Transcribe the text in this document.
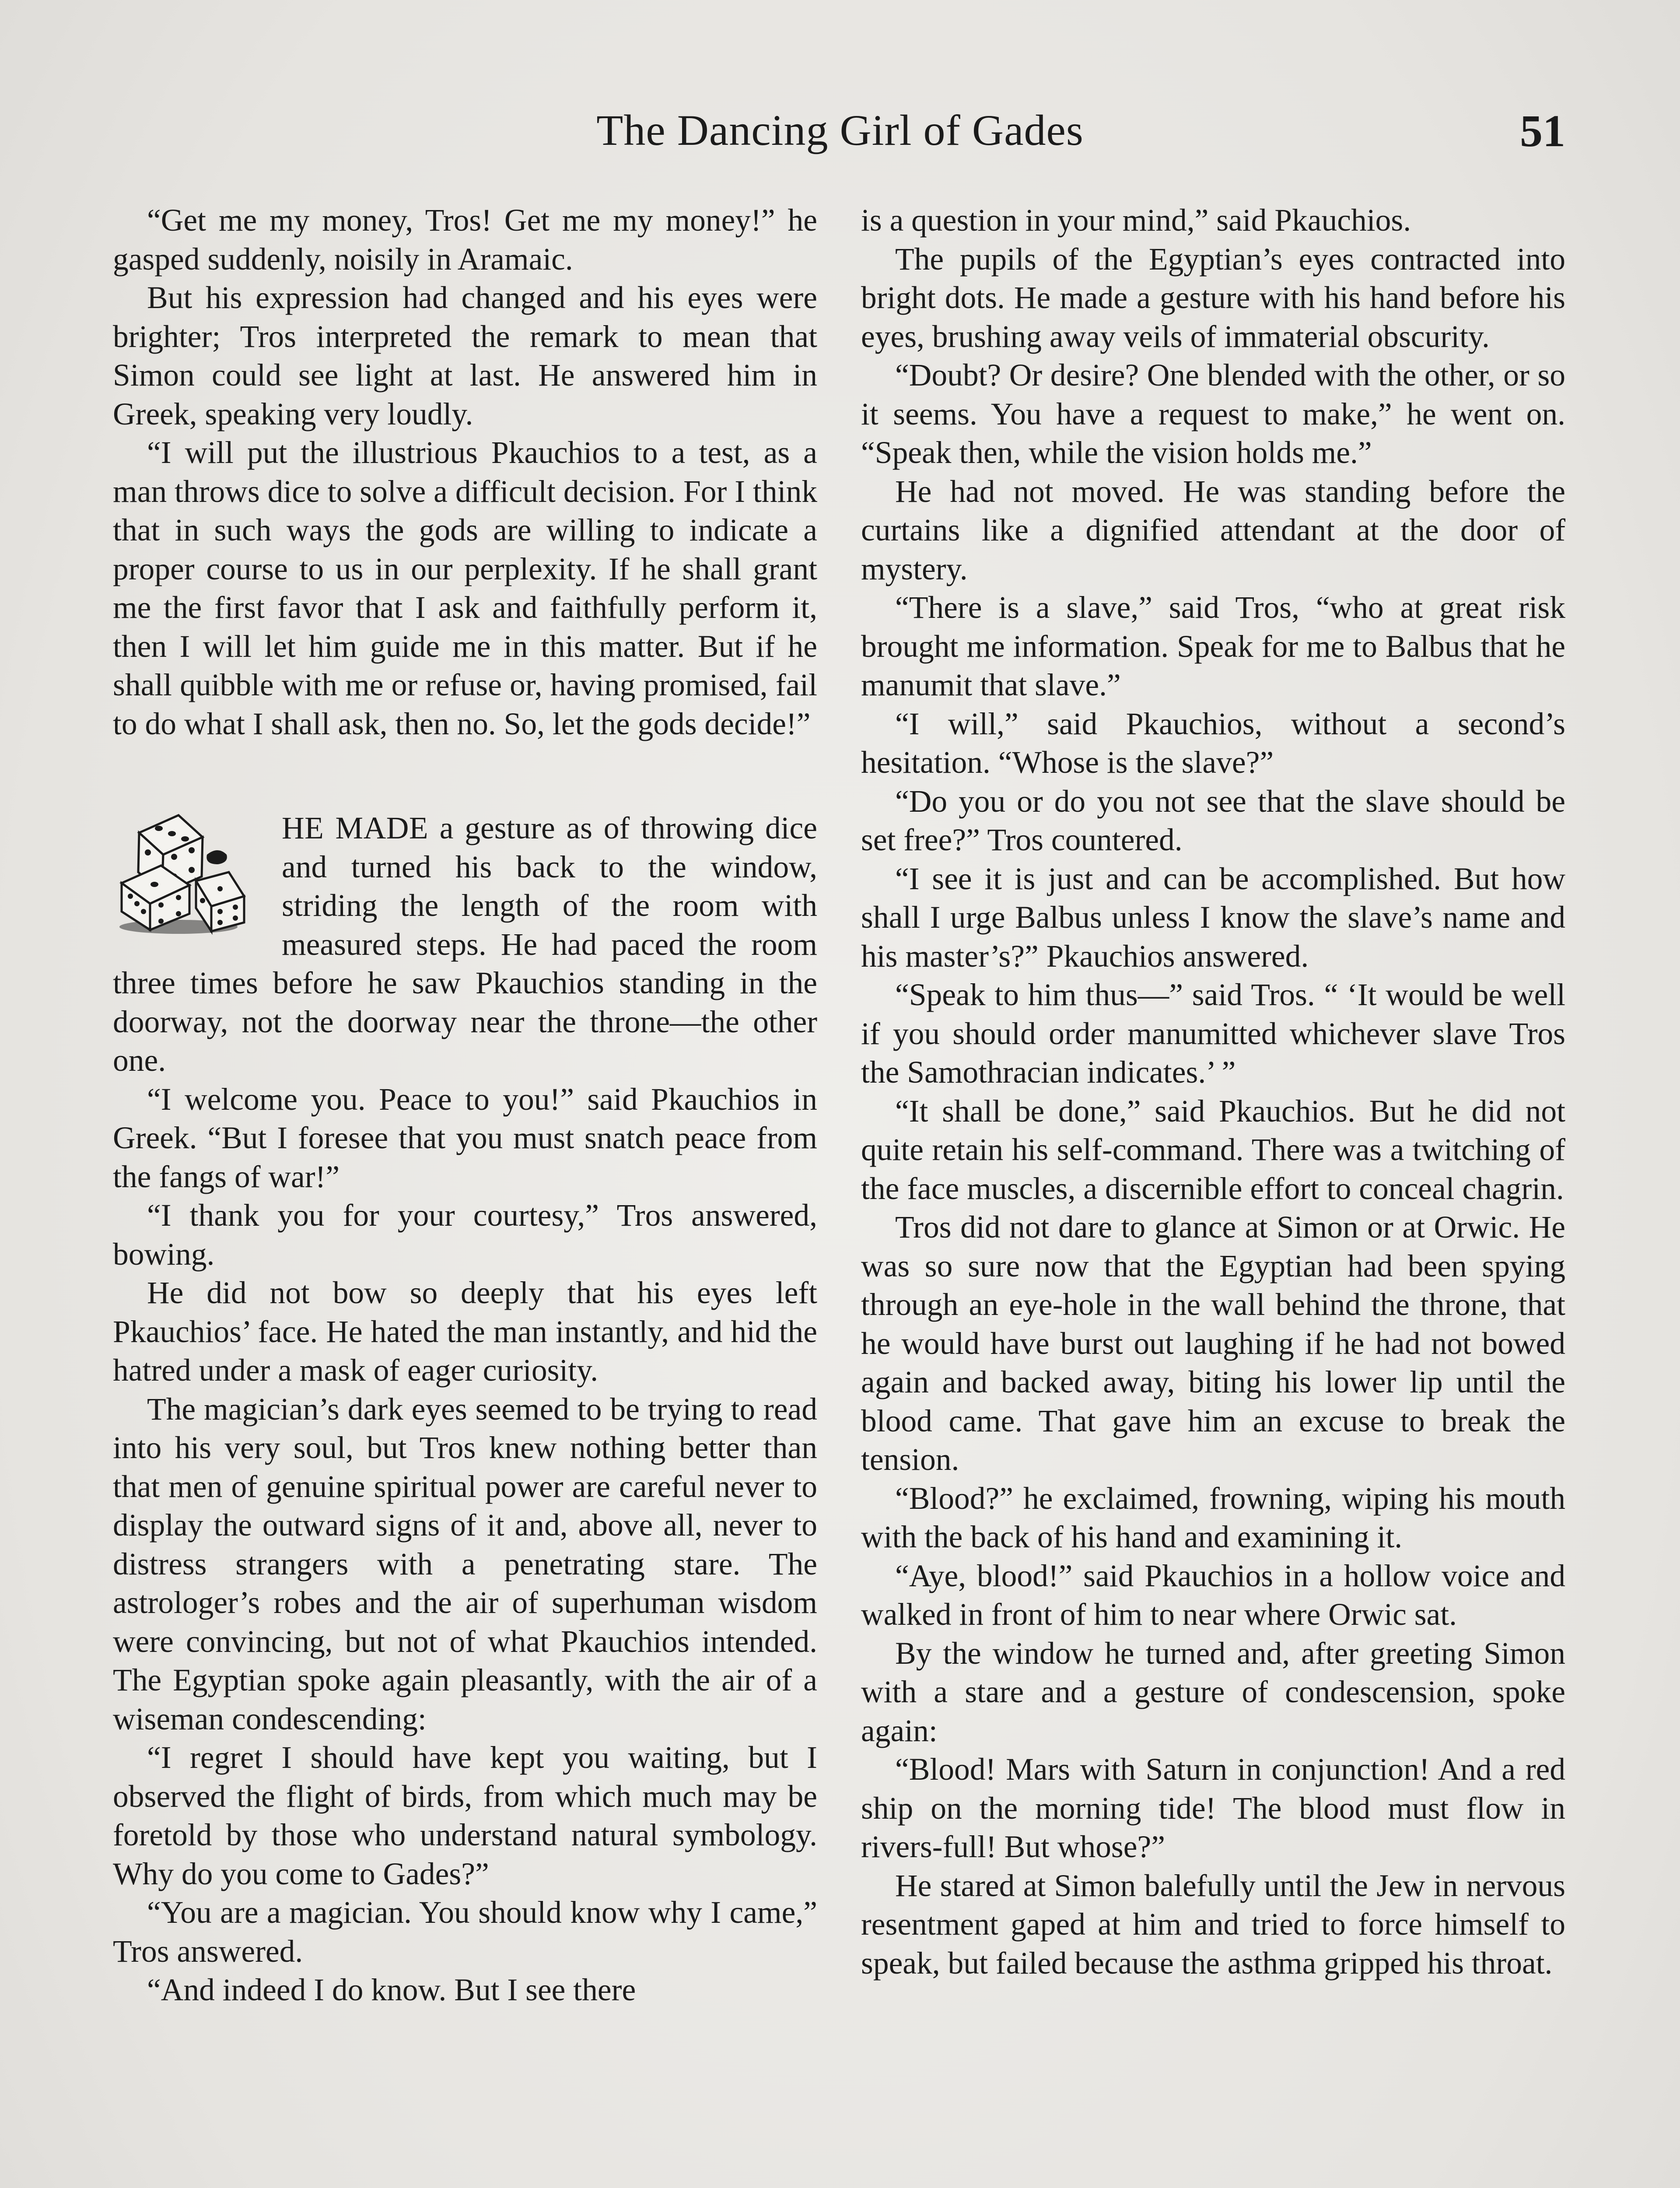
The Dancing Girl of Gades	51

“Get me my money, Tros! Get me my money!” he gasped suddenly, noisily in Aramaic.

But his expression had changed and his eyes were brighter; Tros interpreted the remark to mean that Simon could see light at last. He answered him in Greek, speaking very loudly.

“I will put the illustrious Pkauchios to a test, as a man throws dice to solve a difficult decision. For I think that in such ways the gods are willing to indicate a proper course to us in our perplexity. If he shall grant me the first favor that I ask and faithfully perform it, then I will let him guide me in this matter. But if he shall quibble with me or refuse or, having promised, fail to do what I shall ask, then no. So, let the gods decide!”

HE MADE a gesture as of throwing dice and turned his back to the window, striding the length of the room with measured steps. He had paced the room three times before he saw Pkauchios standing in the doorway, not the doorway near the throne—the other one.

“I welcome you. Peace to you!” said Pkauchios in Greek. “But I foresee that you must snatch peace from the fangs of war!”

“I thank you for your courtesy,” Tros answered, bowing.

He did not bow so deeply that his eyes left Pkauchios’ face. He hated the man instantly, and hid the hatred under a mask of eager curiosity.

The magician’s dark eyes seemed to be trying to read into his very soul, but Tros knew nothing better than that men of genuine spiritual power are careful never to display the outward signs of it and, above all, never to distress strangers with a penetrating stare. The astrologer’s robes and the air of superhuman wisdom were convincing, but not of what Pkauchios intended. The Egyptian spoke again pleasantly, with the air of a wiseman condescending:

“I regret I should have kept you waiting, but I observed the flight of birds, from which much may be foretold by those who understand natural symbology. Why do you come to Gades?”

“You are a magician. You should know why I came,” Tros answered.

“And indeed I do know. But I see there

is a question in your mind,” said Pkauchios.

The pupils of the Egyptian’s eyes contracted into bright dots. He made a gesture with his hand before his eyes, brushing away veils of immaterial obscurity.

“Doubt? Or desire? One blended with the other, or so it seems. You have a request to make,” he went on. “Speak then, while the vision holds me.”

He had not moved. He was standing before the curtains like a dignified attendant at the door of mystery.

“There is a slave,” said Tros, “who at great risk brought me information. Speak for me to Balbus that he manumit that slave.”

“I will,” said Pkauchios, without a second’s hesitation. “Whose is the slave?”

“Do you or do you not see that the slave should be set free?” Tros countered.

“I see it is just and can be accomplished. But how shall I urge Balbus unless I know the slave’s name and his master’s?” Pkauchios answered.

“Speak to him thus—” said Tros. “ ‘It would be well if you should order manumitted whichever slave Tros the Samothracian indicates.’ ”

“It shall be done,” said Pkauchios. But he did not quite retain his self-command. There was a twitching of the face muscles, a discernible effort to conceal chagrin.

Tros did not dare to glance at Simon or at Orwic. He was so sure now that the Egyptian had been spying through an eye-hole in the wall behind the throne, that he would have burst out laughing if he had not bowed again and backed away, biting his lower lip until the blood came. That gave him an excuse to break the tension.

“Blood?” he exclaimed, frowning, wiping his mouth with the back of his hand and examining it.

“Aye, blood!” said Pkauchios in a hollow voice and walked in front of him to near where Orwic sat.

By the window he turned and, after greeting Simon with a stare and a gesture of condescension, spoke again:

“Blood! Mars with Saturn in conjunction! And a red ship on the morning tide! The blood must flow in rivers-full! But whose?”

He stared at Simon balefully until the Jew in nervous resentment gaped at him and tried to force himself to speak, but failed because the asthma gripped his throat.
